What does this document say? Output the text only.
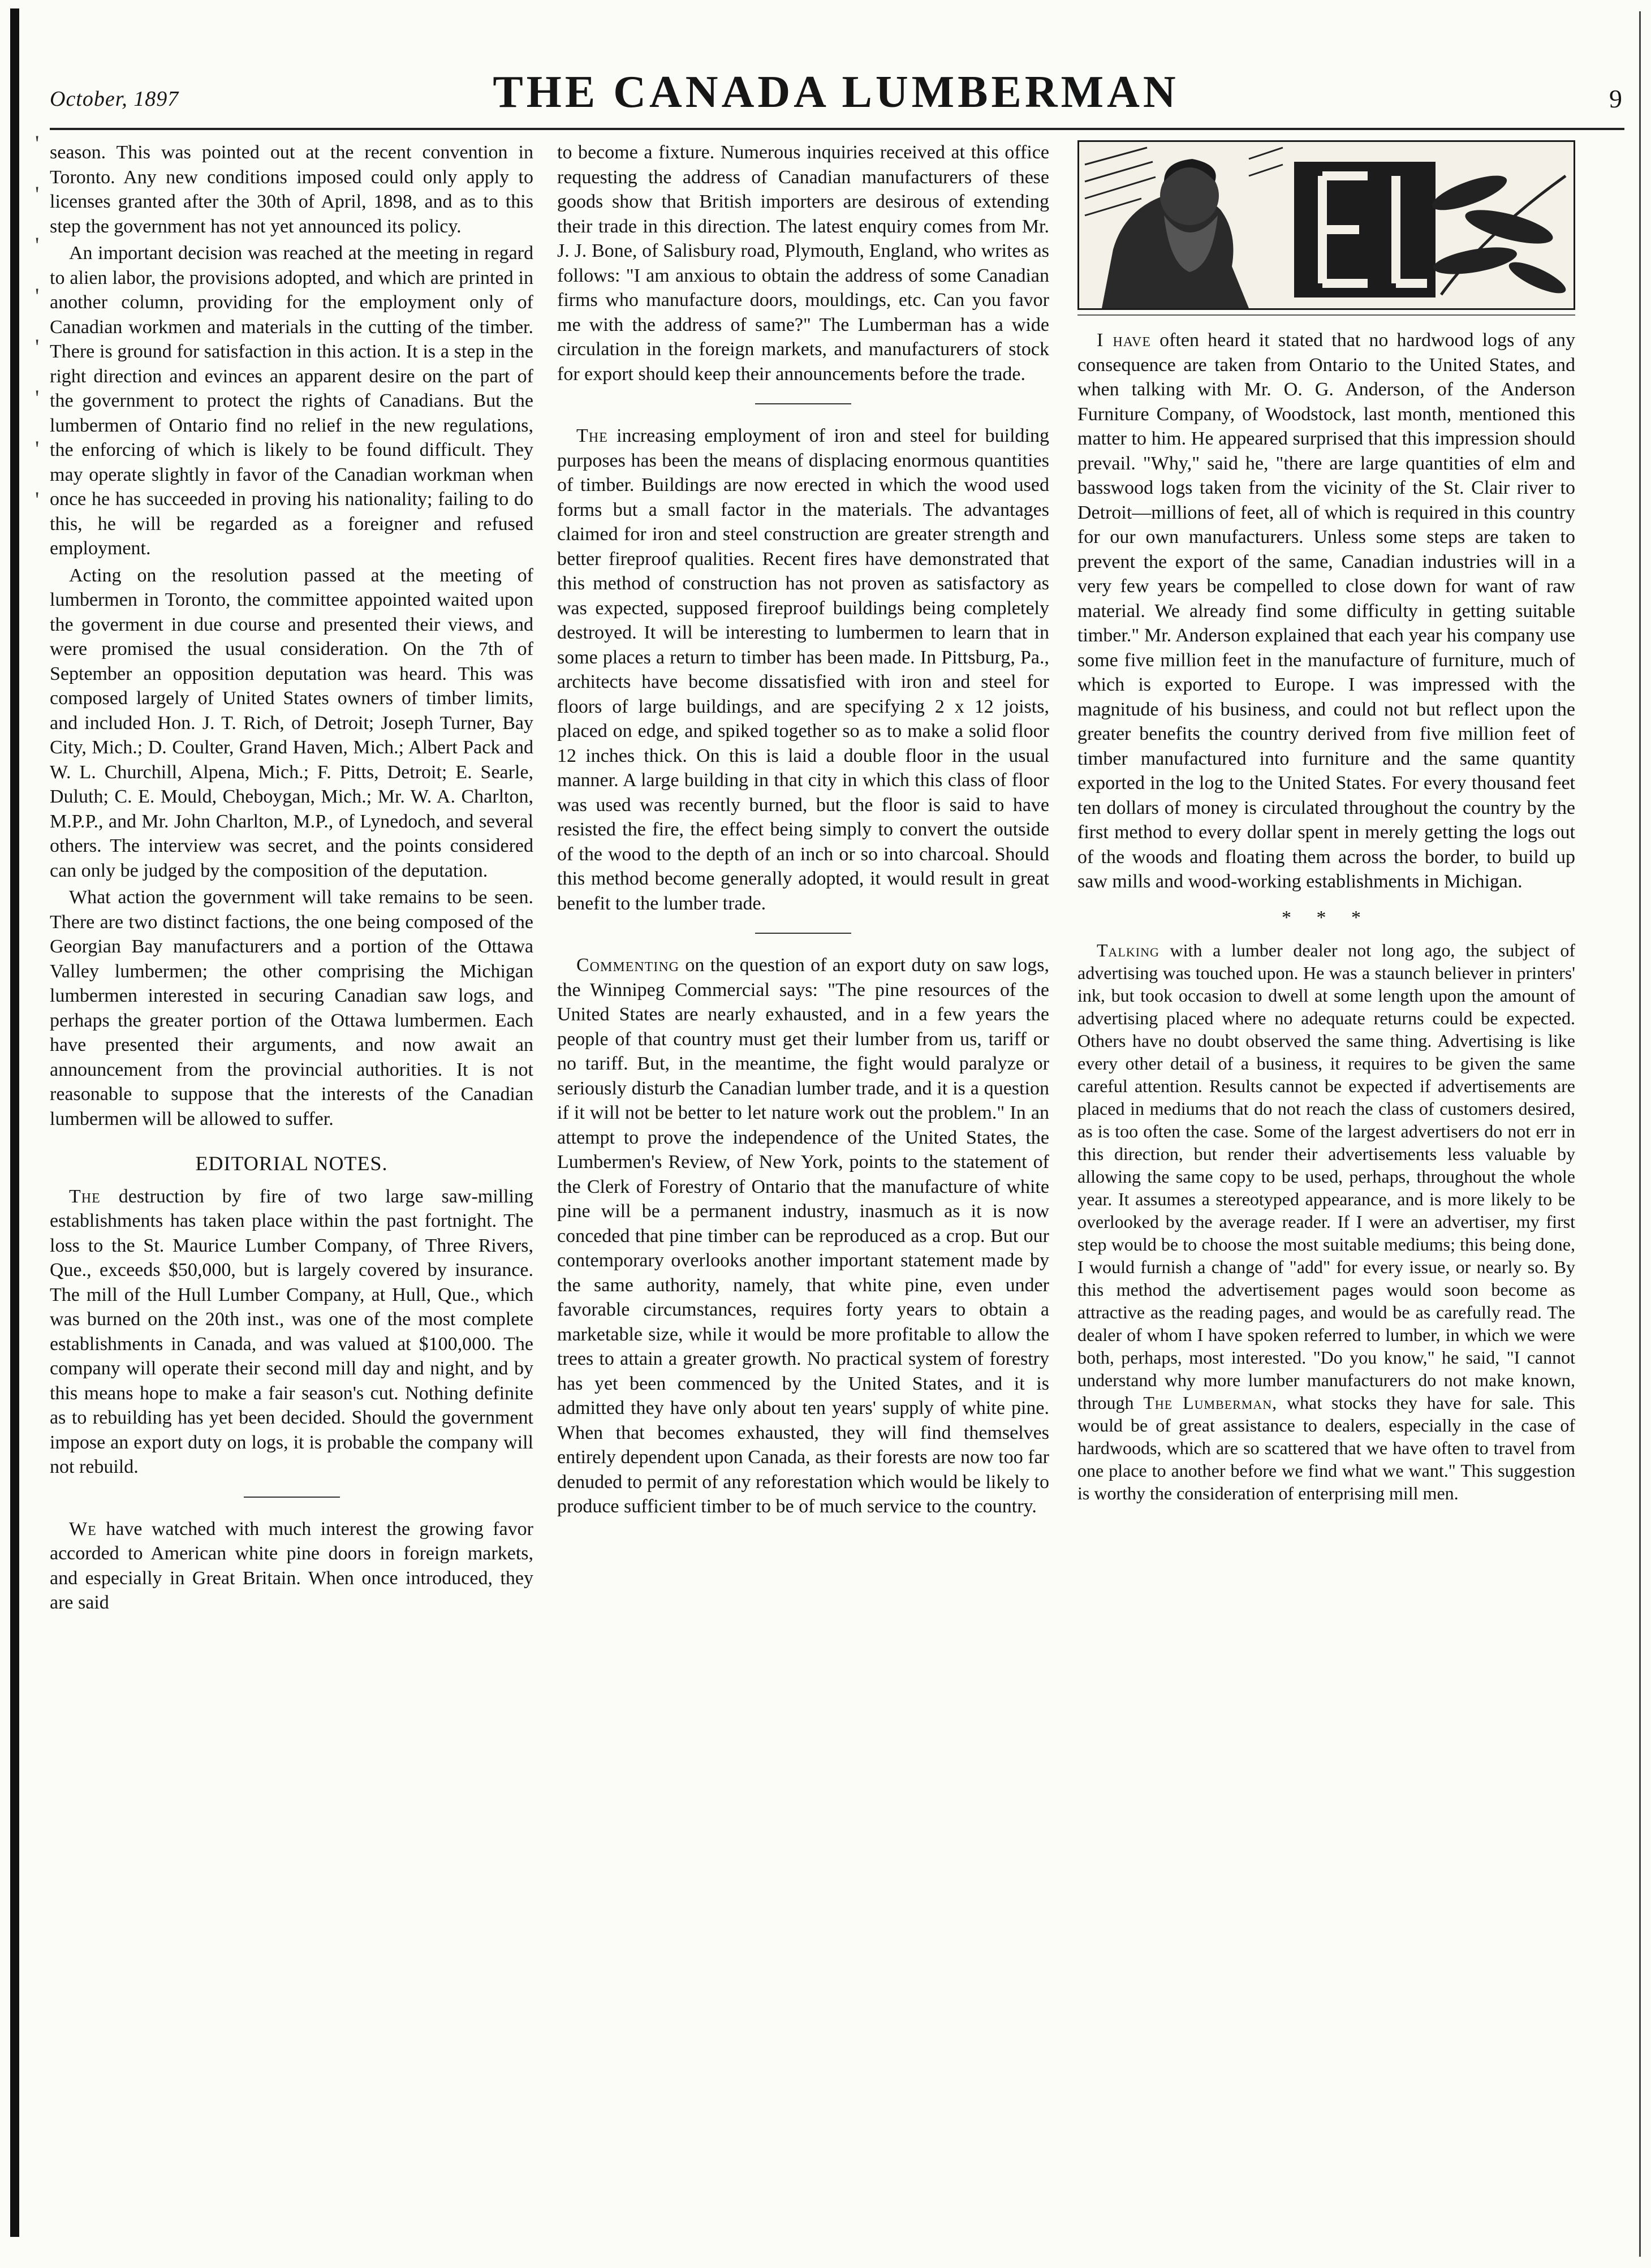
'
'
'
'
'
'
'
'
October, 1897	THE CANADA LUMBERMAN	9

season. This was pointed out at the recent convention in Toronto. Any new conditions imposed could only apply to licenses granted after the 30th of April, 1898, and as to this step the government has not yet announced its policy.

An important decision was reached at the meeting in regard to alien labor, the provisions adopted, and which are printed in another column, providing for the employment only of Canadian workmen and materials in the cutting of the timber. There is ground for satisfaction in this action. It is a step in the right direction and evinces an apparent desire on the part of the government to protect the rights of Canadians. But the lumbermen of Ontario find no relief in the new regulations, the enforcing of which is likely to be found difficult. They may operate slightly in favor of the Canadian workman when once he has succeeded in proving his nationality; failing to do this, he will be regarded as a foreigner and refused employment.

Acting on the resolution passed at the meeting of lumbermen in Toronto, the committee appointed waited upon the goverment in due course and presented their views, and were promised the usual consideration. On the 7th of September an opposition deputation was heard. This was composed largely of United States owners of timber limits, and included Hon. J. T. Rich, of Detroit; Joseph Turner, Bay City, Mich.; D. Coulter, Grand Haven, Mich.; Albert Pack and W. L. Churchill, Alpena, Mich.; F. Pitts, Detroit; E. Searle, Duluth; C. E. Mould, Cheboygan, Mich.; Mr. W. A. Charlton, M.P.P., and Mr. John Charlton, M.P., of Lynedoch, and several others. The interview was secret, and the points considered can only be judged by the composition of the deputation.

What action the government will take remains to be seen. There are two distinct factions, the one being composed of the Georgian Bay manufacturers and a portion of the Ottawa Valley lumbermen; the other comprising the Michigan lumbermen interested in securing Canadian saw logs, and perhaps the greater portion of the Ottawa lumbermen. Each have presented their arguments, and now await an announcement from the provincial authorities. It is not reasonable to suppose that the interests of the Canadian lumbermen will be allowed to suffer.

EDITORIAL NOTES.

The destruction by fire of two large saw-milling establishments has taken place within the past fortnight. The loss to the St. Maurice Lumber Company, of Three Rivers, Que., exceeds $50,000, but is largely covered by insurance. The mill of the Hull Lumber Company, at Hull, Que., which was burned on the 20th inst., was one of the most complete establishments in Canada, and was valued at $100,000. The company will operate their second mill day and night, and by this means hope to make a fair season's cut. Nothing definite as to rebuilding has yet been decided. Should the government impose an export duty on logs, it is probable the company will not rebuild.

We have watched with much interest the growing favor accorded to American white pine doors in foreign markets, and especially in Great Britain. When once introduced, they are said

to become a fixture. Numerous inquiries received at this office requesting the address of Canadian manufacturers of these goods show that British importers are desirous of extending their trade in this direction. The latest enquiry comes from Mr. J. J. Bone, of Salisbury road, Plymouth, England, who writes as follows: "I am anxious to obtain the address of some Canadian firms who manufacture doors, mouldings, etc. Can you favor me with the address of same?" The Lumberman has a wide circulation in the foreign markets, and manufacturers of stock for export should keep their announcements before the trade.

The increasing employment of iron and steel for building purposes has been the means of displacing enormous quantities of timber. Buildings are now erected in which the wood used forms but a small factor in the materials. The advantages claimed for iron and steel construction are greater strength and better fireproof qualities. Recent fires have demonstrated that this method of construction has not proven as satisfactory as was expected, supposed fireproof buildings being completely destroyed. It will be interesting to lumbermen to learn that in some places a return to timber has been made. In Pittsburg, Pa., architects have become dissatisfied with iron and steel for floors of large buildings, and are specifying 2 x 12 joists, placed on edge, and spiked together so as to make a solid floor 12 inches thick. On this is laid a double floor in the usual manner. A large building in that city in which this class of floor was used was recently burned, but the floor is said to have resisted the fire, the effect being simply to convert the outside of the wood to the depth of an inch or so into charcoal. Should this method become generally adopted, it would result in great benefit to the lumber trade.

Commenting on the question of an export duty on saw logs, the Winnipeg Commercial says: "The pine resources of the United States are nearly exhausted, and in a few years the people of that country must get their lumber from us, tariff or no tariff. But, in the meantime, the fight would paralyze or seriously disturb the Canadian lumber trade, and it is a question if it will not be better to let nature work out the problem." In an attempt to prove the independence of the United States, the Lumbermen's Review, of New York, points to the statement of the Clerk of Forestry of Ontario that the manufacture of white pine will be a permanent industry, inasmuch as it is now conceded that pine timber can be reproduced as a crop. But our contemporary overlooks another important statement made by the same authority, namely, that white pine, even under favorable circumstances, requires forty years to obtain a marketable size, while it would be more profitable to allow the trees to attain a greater growth. No practical system of forestry has yet been commenced by the United States, and it is admitted they have only about ten years' supply of white pine. When that becomes exhausted, they will find themselves entirely dependent upon Canada, as their forests are now too far denuded to permit of any reforestation which would be likely to produce sufficient timber to be of much service to the country.

I have often heard it stated that no hardwood logs of any consequence are taken from Ontario to the United States, and when talking with Mr. O. G. Anderson, of the Anderson Furniture Company, of Woodstock, last month, mentioned this matter to him. He appeared surprised that this impression should prevail. "Why," said he, "there are large quantities of elm and basswood logs taken from the vicinity of the St. Clair river to Detroit—millions of feet, all of which is required in this country for our own manufacturers. Unless some steps are taken to prevent the export of the same, Canadian industries will in a very few years be compelled to close down for want of raw material. We already find some difficulty in getting suitable timber." Mr. Anderson explained that each year his company use some five million feet in the manufacture of furniture, much of which is exported to Europe. I was impressed with the magnitude of his business, and could not but reflect upon the greater benefits the country derived from five million feet of timber manufactured into furniture and the same quantity exported in the log to the United States. For every thousand feet ten dollars of money is circulated throughout the country by the first method to every dollar spent in merely getting the logs out of the woods and floating them across the border, to build up saw mills and wood-working establishments in Michigan.

* * *

Talking with a lumber dealer not long ago, the subject of advertising was touched upon. He was a staunch believer in printers' ink, but took occasion to dwell at some length upon the amount of advertising placed where no adequate returns could be expected. Others have no doubt observed the same thing. Advertising is like every other detail of a business, it requires to be given the same careful attention. Results cannot be expected if advertisements are placed in mediums that do not reach the class of customers desired, as is too often the case. Some of the largest advertisers do not err in this direction, but render their advertisements less valuable by allowing the same copy to be used, perhaps, throughout the whole year. It assumes a stereotyped appearance, and is more likely to be overlooked by the average reader. If I were an advertiser, my first step would be to choose the most suitable mediums; this being done, I would furnish a change of "add" for every issue, or nearly so. By this method the advertisement pages would soon become as attractive as the reading pages, and would be as carefully read. The dealer of whom I have spoken referred to lumber, in which we were both, perhaps, most interested. "Do you know," he said, "I cannot understand why more lumber manufacturers do not make known, through The Lumberman, what stocks they have for sale. This would be of great assistance to dealers, especially in the case of hardwoods, which are so scattered that we have often to travel from one place to another before we find what we want." This suggestion is worthy the consideration of enterprising mill men.
